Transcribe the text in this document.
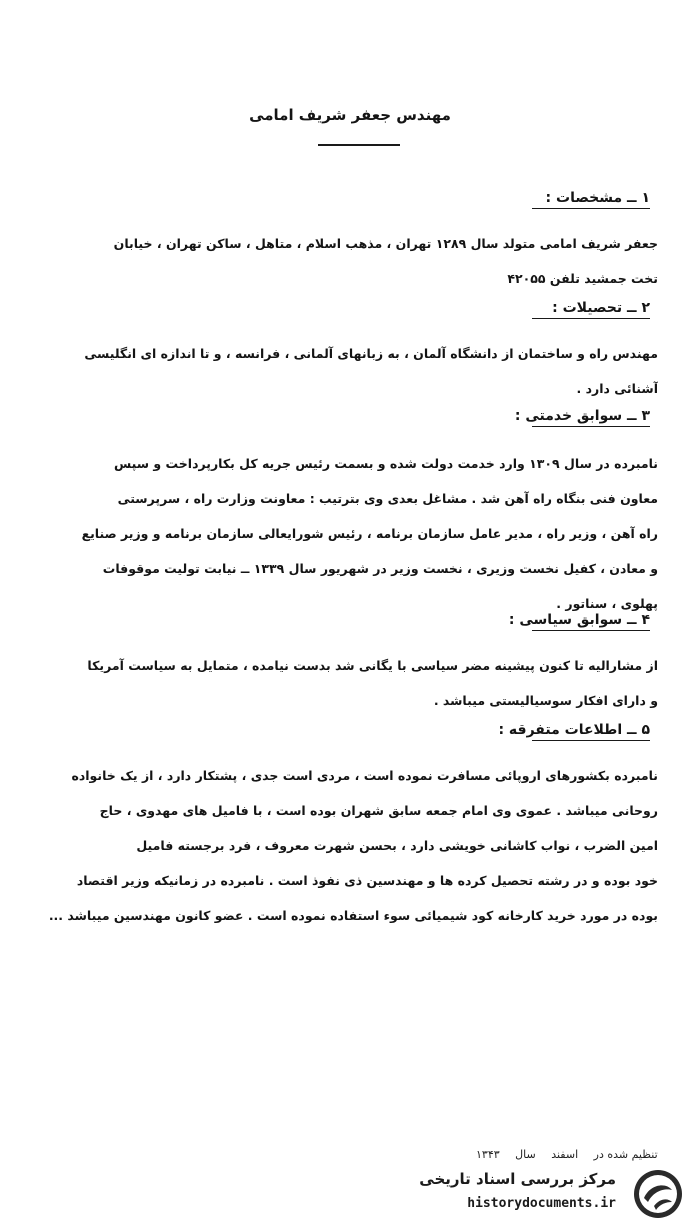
مهندس جعفر شریف امامی
۱ ــ مشخصات :
جعفر شریف امامی متولد سال ۱۲۸۹ تهران ، مذهب اسلام ، متاهل ، ساکن تهران ، خیابان
تخت جمشید تلفن ۴۲۰۵۵
۲ ــ تحصیلات :
مهندس راه و ساختمان از دانشگاه آلمان ، به زبانهای آلمانی ، فرانسه ، و تا اندازه ای انگلیسی
آشنائی دارد .
۳ ــ سوابق خدمتی :
نامبرده در سال ۱۳۰۹ وارد خدمت دولت شده و بسمت رئیس جریه کل بکارپرداخت و سپس
معاون فنی بنگاه راه آهن شد . مشاغل بعدی وی بترتیب : معاونت وزارت راه ، سرپرستی
راه آهن ، وزیر راه ، مدیر عامل سازمان برنامه ، رئیس شورایعالی سازمان برنامه و وزیر صنایع
و معادن ، کفیل نخست وزیری ، نخست وزیر در شهریور سال ۱۳۳۹ ــ نیابت تولیت موقوفات
پهلوی ، سناتور .
۴ ــ سوابق سیاسی :
از مشارالیه تا کنون پیشینه مضر سیاسی با یگانی شد بدست نیامده ، متمایل به سیاست آمریکا
و دارای افکار سوسیالیستی میباشد .
۵ ــ اطلاعات متفرقه :
نامبرده بکشورهای اروپائی مسافرت نموده است ، مردی است جدی ، پشتکار دارد ، از یک خانواده
روحانی میباشد . عموی وی امام جمعه سابق شهران بوده است ، با فامیل های مهدوی ، حاج
امین الضرب ، نواب کاشانی خویشی دارد ، بحسن شهرت معروف ، فرد برجسته فامیل
خود بوده و در رشته تحصیل کرده ها و مهندسین ذی نفوذ است . نامبرده در زمانیکه وزیر اقتصاد
بوده در مورد خرید کارخانه کود شیمیائی سوء استفاده نموده است . عضو کانون مهندسین میباشد ...
تنظیم شده در اسفند سال ۱۳۴۳
مرکز بررسی اسناد تاریخی
historydocuments.ir
